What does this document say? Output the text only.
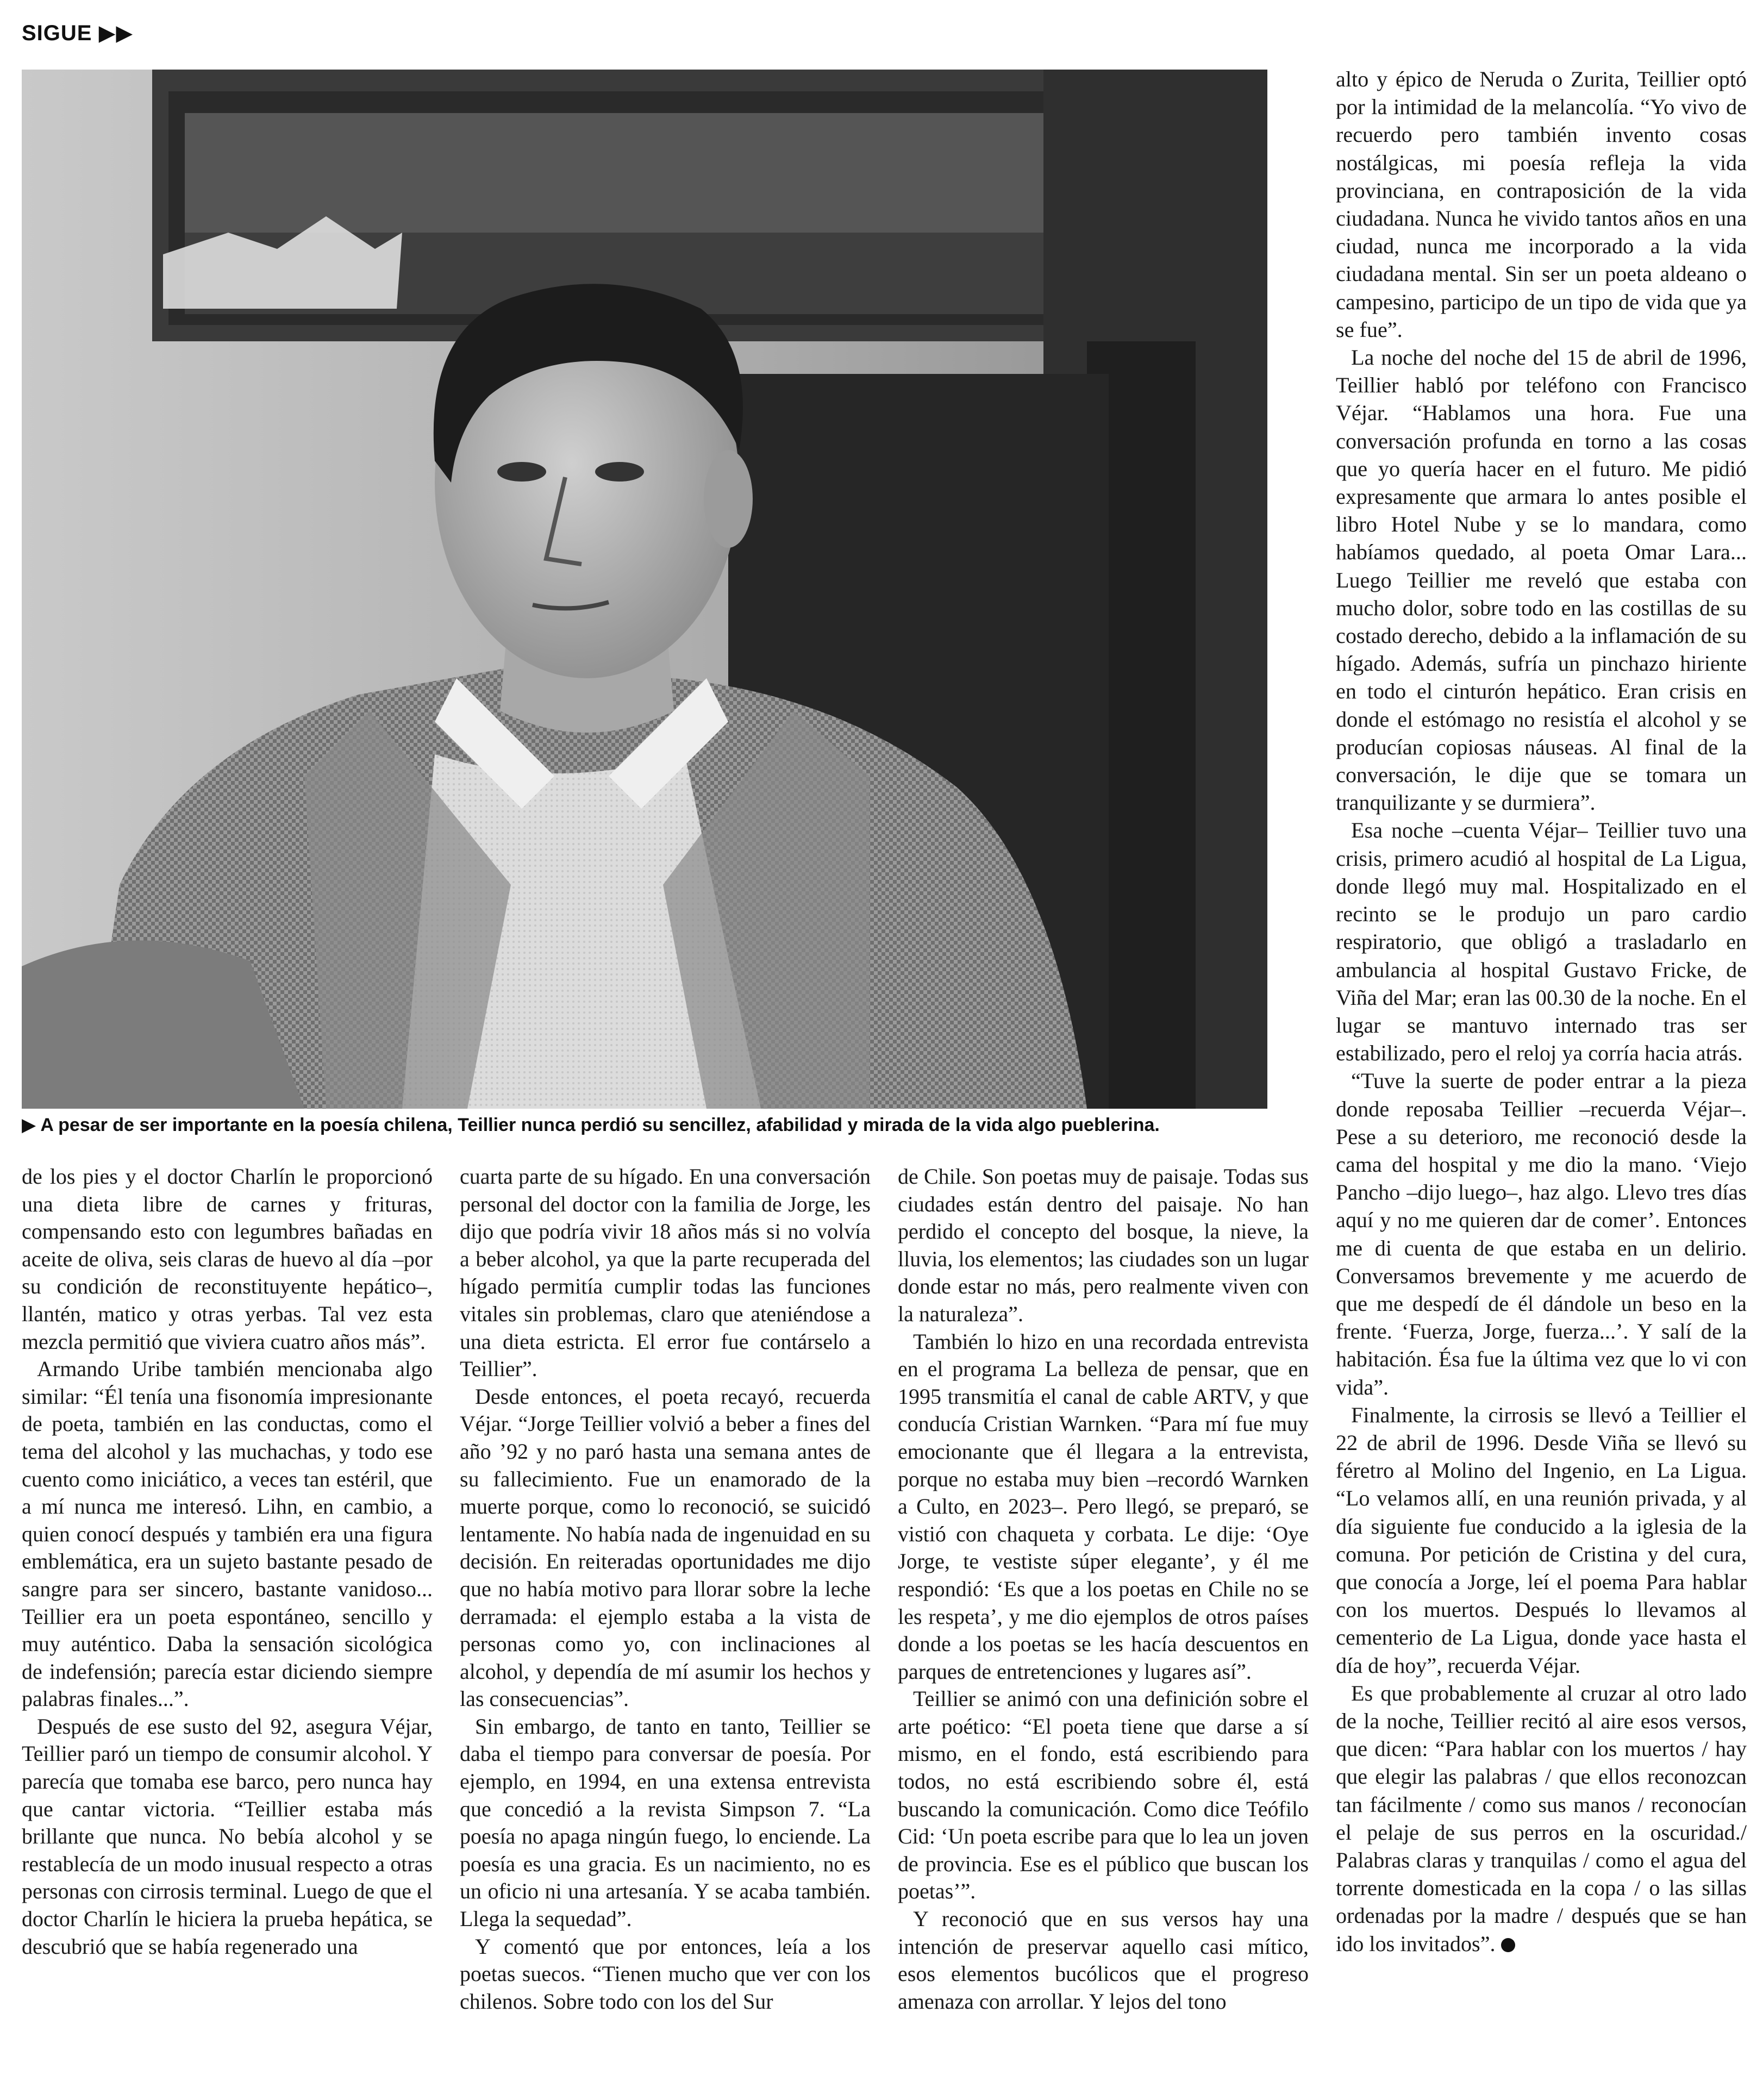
SIGUE ▶▶
▶ A pesar de ser importante en la poesía chilena, Teillier nunca perdió su sencillez, afabilidad y mirada de la vida algo pueblerina.

de los pies y el doctor Charlín le proporcionó una dieta libre de carnes y frituras, compensando esto con legumbres bañadas en aceite de oliva, seis claras de huevo al día –por su condición de reconstituyente hepático–, llantén, matico y otras yerbas. Tal vez esta mezcla permitió que viviera cuatro años más”.

Armando Uribe también mencionaba algo similar: “Él tenía una fisonomía impresionante de poeta, también en las conductas, como el tema del alcohol y las muchachas, y todo ese cuento como iniciático, a veces tan estéril, que a mí nunca me interesó. Lihn, en cambio, a quien conocí después y también era una figura emblemática, era un sujeto bastante pesado de sangre para ser sincero, bastante vanidoso... Teillier era un poeta espontáneo, sencillo y muy auténtico. Daba la sensación sicológica de indefensión; parecía estar diciendo siempre palabras finales...”.

Después de ese susto del 92, asegura Véjar, Teillier paró un tiempo de consumir alcohol. Y parecía que tomaba ese barco, pero nunca hay que cantar victoria. “Teillier estaba más brillante que nunca. No bebía alcohol y se restablecía de un modo inusual respecto a otras personas con cirrosis terminal. Luego de que el doctor Charlín le hiciera la prueba hepática, se descubrió que se había regenerado una

cuarta parte de su hígado. En una conversación personal del doctor con la familia de Jorge, les dijo que podría vivir 18 años más si no volvía a beber alcohol, ya que la parte recuperada del hígado permitía cumplir todas las funciones vitales sin problemas, claro que ateniéndose a una dieta estricta. El error fue contárselo a Teillier”.

Desde entonces, el poeta recayó, recuerda Véjar. “Jorge Teillier volvió a beber a fines del año ’92 y no paró hasta una semana antes de su fallecimiento. Fue un enamorado de la muerte porque, como lo reconoció, se suicidó lentamente. No había nada de ingenuidad en su decisión. En reiteradas oportunidades me dijo que no había motivo para llorar sobre la leche derramada: el ejemplo estaba a la vista de personas como yo, con inclinaciones al alcohol, y dependía de mí asumir los hechos y las consecuencias”.

Sin embargo, de tanto en tanto, Teillier se daba el tiempo para conversar de poesía. Por ejemplo, en 1994, en una extensa entrevista que concedió a la revista Simpson 7. “La poesía no apaga ningún fuego, lo enciende. La poesía es una gracia. Es un nacimiento, no es un oficio ni una artesanía. Y se acaba también. Llega la sequedad”.

Y comentó que por entonces, leía a los poetas suecos. “Tienen mucho que ver con los chilenos. Sobre todo con los del Sur

de Chile. Son poetas muy de paisaje. Todas sus ciudades están dentro del paisaje. No han perdido el concepto del bosque, la nieve, la lluvia, los elementos; las ciudades son un lugar donde estar no más, pero realmente viven con la naturaleza”.

También lo hizo en una recordada entrevista en el programa La belleza de pensar, que en 1995 transmitía el canal de cable ARTV, y que conducía Cristian Warnken. “Para mí fue muy emocionante que él llegara a la entrevista, porque no estaba muy bien –recordó Warnken a Culto, en 2023–. Pero llegó, se preparó, se vistió con chaqueta y corbata. Le dije: ‘Oye Jorge, te vestiste súper elegante’, y él me respondió: ‘Es que a los poetas en Chile no se les respeta’, y me dio ejemplos de otros países donde a los poetas se les hacía descuentos en parques de entretenciones y lugares así”.

Teillier se animó con una definición sobre el arte poético: “El poeta tiene que darse a sí mismo, en el fondo, está escribiendo para todos, no está escribiendo sobre él, está buscando la comunicación. Como dice Teófilo Cid: ‘Un poeta escribe para que lo lea un joven de provincia. Ese es el público que buscan los poetas’”.

Y reconoció que en sus versos hay una intención de preservar aquello casi mítico, esos elementos bucólicos que el progreso amenaza con arrollar. Y lejos del tono

alto y épico de Neruda o Zurita, Teillier optó por la intimidad de la melancolía. “Yo vivo de recuerdo pero también invento cosas nostálgicas, mi poesía refleja la vida provinciana, en contraposición de la vida ciudadana. Nunca he vivido tantos años en una ciudad, nunca me incorporado a la vida ciudadana mental. Sin ser un poeta aldeano o campesino, participo de un tipo de vida que ya se fue”.

La noche del noche del 15 de abril de 1996, Teillier habló por teléfono con Francisco Véjar. “Hablamos una hora. Fue una conversación profunda en torno a las cosas que yo quería hacer en el futuro. Me pidió expresamente que armara lo antes posible el libro Hotel Nube y se lo mandara, como habíamos quedado, al poeta Omar Lara... Luego Teillier me reveló que estaba con mucho dolor, sobre todo en las costillas de su costado derecho, debido a la inflamación de su hígado. Además, sufría un pinchazo hiriente en todo el cinturón hepático. Eran crisis en donde el estómago no resistía el alcohol y se producían copiosas náuseas. Al final de la conversación, le dije que se tomara un tranquilizante y se durmiera”.

Esa noche –cuenta Véjar– Teillier tuvo una crisis, primero acudió al hospital de La Ligua, donde llegó muy mal. Hospitalizado en el recinto se le produjo un paro cardio respiratorio, que obligó a trasladarlo en ambulancia al hospital Gustavo Fricke, de Viña del Mar; eran las 00.30 de la noche. En el lugar se mantuvo internado tras ser estabilizado, pero el reloj ya corría hacia atrás.

“Tuve la suerte de poder entrar a la pieza donde reposaba Teillier –recuerda Véjar–. Pese a su deterioro, me reconoció desde la cama del hospital y me dio la mano. ‘Viejo Pancho –dijo luego–, haz algo. Llevo tres días aquí y no me quieren dar de comer’. Entonces me di cuenta de que estaba en un delirio. Conversamos brevemente y me acuerdo de que me despedí de él dándole un beso en la frente. ‘Fuerza, Jorge, fuerza...’. Y salí de la habitación. Ésa fue la última vez que lo vi con vida”.

Finalmente, la cirrosis se llevó a Teillier el 22 de abril de 1996. Desde Viña se llevó su féretro al Molino del Ingenio, en La Ligua. “Lo velamos allí, en una reunión privada, y al día siguiente fue conducido a la iglesia de la comuna. Por petición de Cristina y del cura, que conocía a Jorge, leí el poema Para hablar con los muertos. Después lo llevamos al cementerio de La Ligua, donde yace hasta el día de hoy”, recuerda Véjar.

Es que probablemente al cruzar al otro lado de la noche, Teillier recitó al aire esos versos, que dicen: “Para hablar con los muertos / hay que elegir las palabras / que ellos reconozcan tan fácilmente / como sus manos / reconocían el pelaje de sus perros en la oscuridad./ Palabras claras y tranquilas / como el agua del torrente domesticada en la copa / o las sillas ordenadas por la madre / después que se han ido los invitados”.
